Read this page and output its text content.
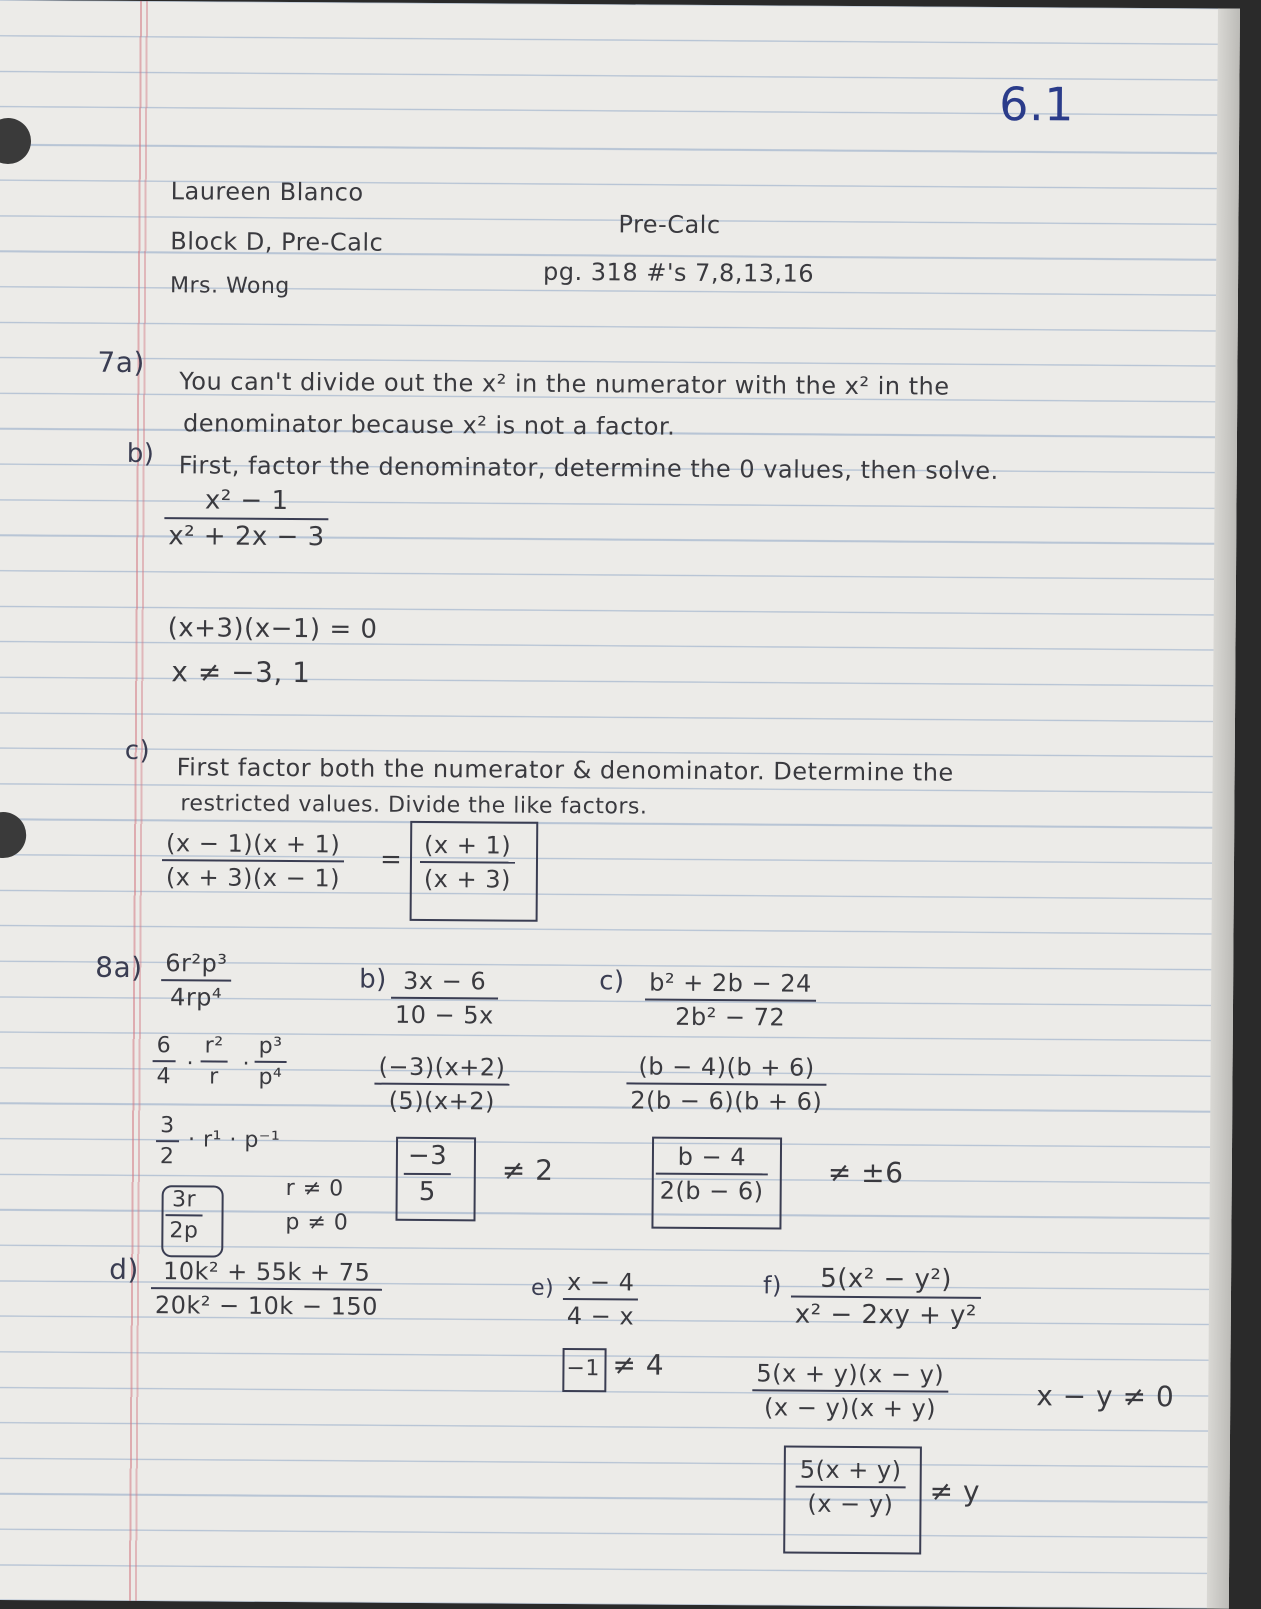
6.1
Laureen Blanco
Block D, Pre-Calc
Mrs. Wong
Pre-Calc
pg. 318 #'s 7,8,13,16
7a)
You can't divide out the x² in the numerator with the x² in the
denominator because x² is not a factor.
b) First, factor the denominator, determine the 0 values, then solve.
$\frac{\text{x² − 1}}{\text{x² + 2x − 3}}$
(x+3)(x−1) = 0
x ≠ −3, 1
c)
First factor both the numerator & denominator. Determine the
restricted values. Divide the like factors.
$\frac{(x - 1)(x + 1)}{(x + 3)(x - 1)} = \frac{(x + 1)}{(x + 3)}$
$8a) \frac{\text{6r²p³}}{\text{4rp⁴}}$
$\frac{6}{4} \cdot \frac{\text{r²}}{r} \cdot \frac{\text{p³}}{\text{p⁴}}$
$\frac{3}{2} \cdot r^1 \cdot p^{-1}$
$\frac{3r}{2p}$	r ≠ 0
p ≠ 0
$b) \frac{3x - 6}{10 - 5x}$
$\frac{(-3)(x+2)}{(5)(x+2)}$
$\frac{-3}{5} \ne 2$
$c) \frac{\text{b² + 2b − 24}}{\text{2b² − 72}}$
$\frac{(b - 4)(b + 6)}{2(b - 6)(b + 6)}$
$\frac{b - 4}{2(b - 6)} \ne \pm 6$
$d) \frac{\text{10k² + 55k + 75}}{\text{20k² − 10k − 150}}$	$e) \frac{x - 4}{4 - x}$
−1 ≠ 4
$f) \frac{\text{5(x² − y²)}}{\text{x² − 2xy + y²}}$
$\frac{5(x + y)(x - y)}{(x - y)(x + y)}$	x − y ≠ 0
$\frac{5(x + y)}{(x - y)} \ne y$
